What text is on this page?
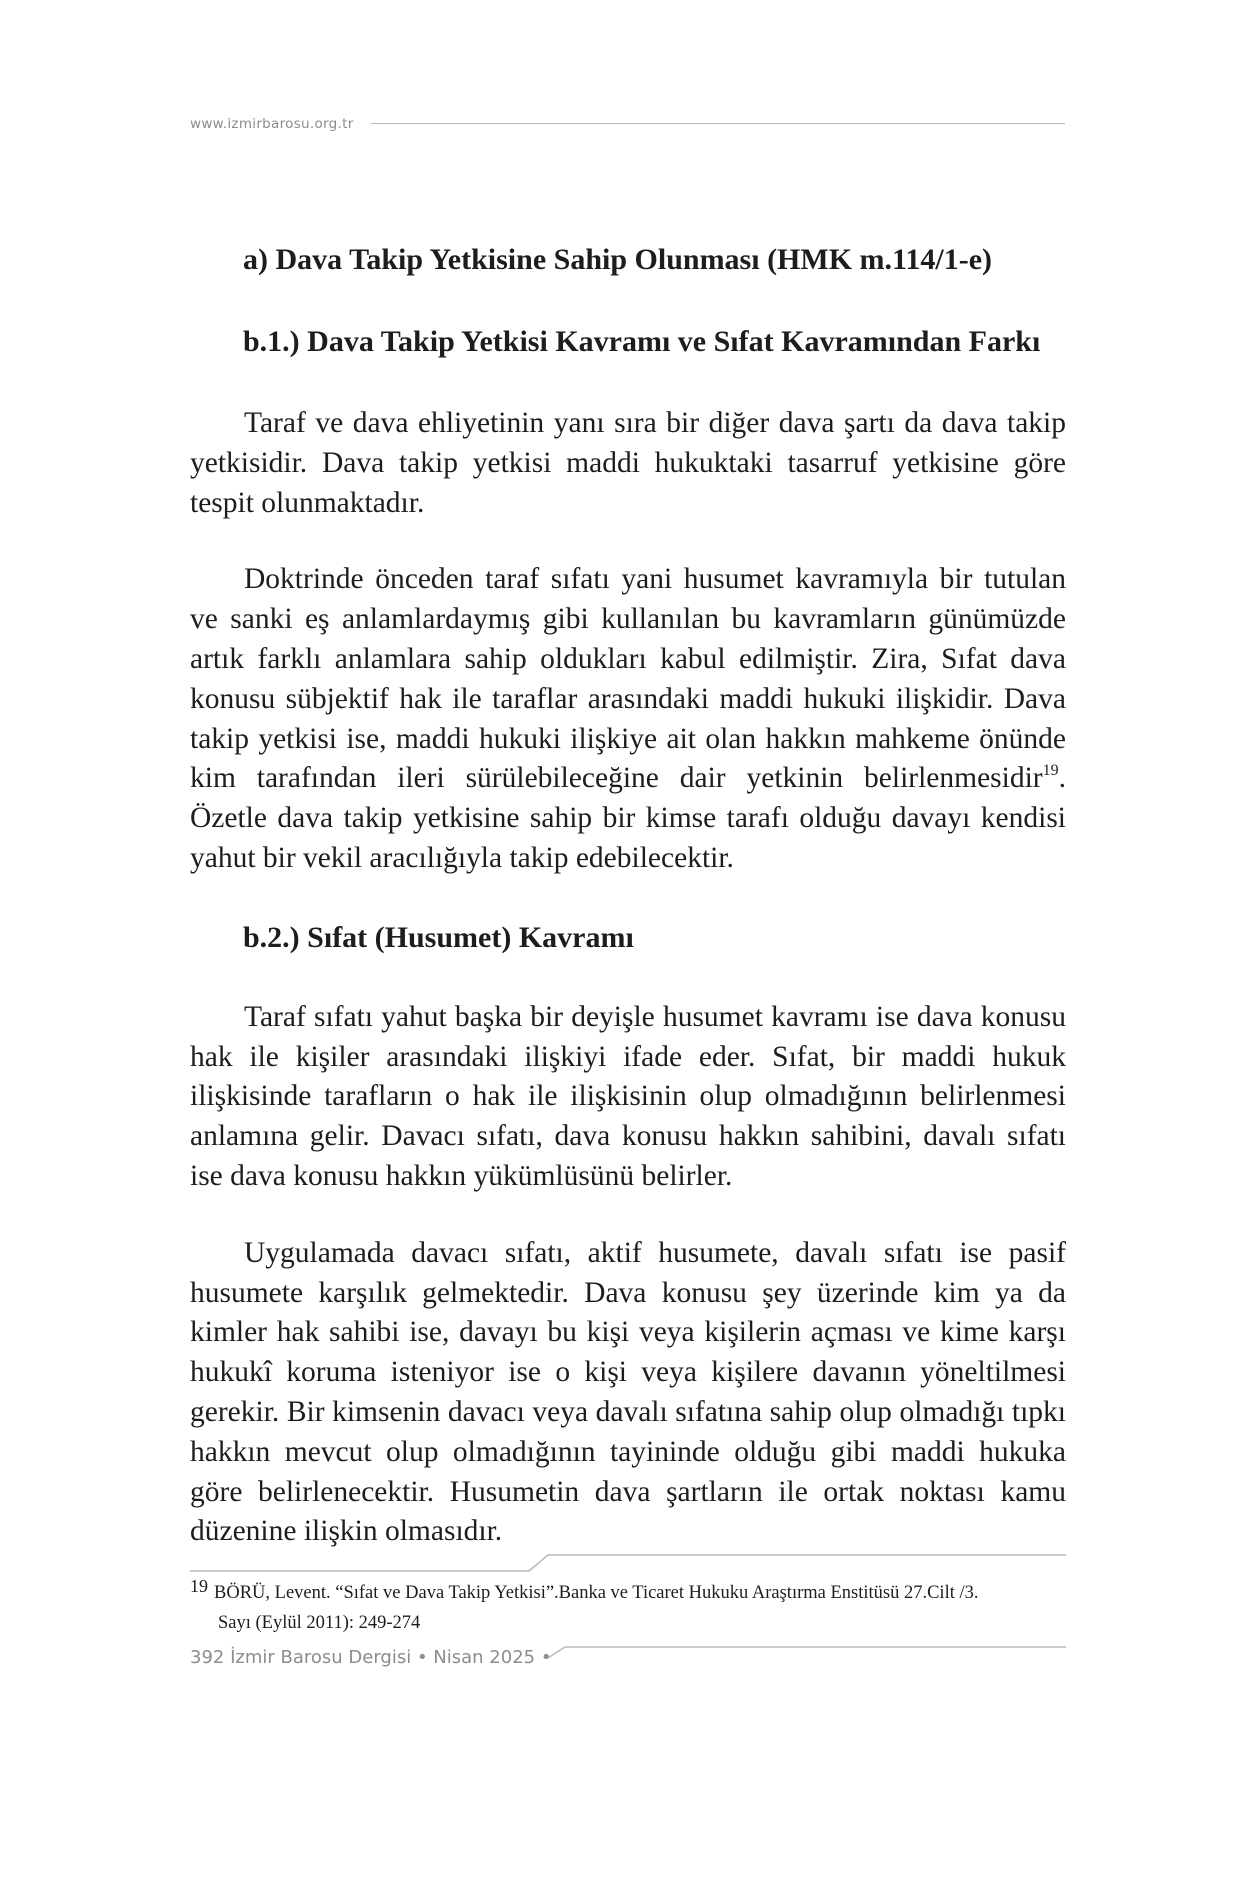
www.izmirbarosu.org.tr
a) Dava Takip Yetkisine Sahip Olunması (HMK m.114/1-e)
b.1.) Dava Takip Yetkisi Kavramı ve Sıfat Kavramından Farkı

Taraf ve dava ehliyetinin yanı sıra bir diğer dava şartı da dava takip yetkisidir. Dava takip yetkisi maddi hukuktaki tasarruf yetkisine göre tespit olunmaktadır.

Doktrinde önceden taraf sıfatı yani husumet kavramıyla bir tutulan ve sanki eş anlamlardaymış gibi kullanılan bu kavramların günümüzde artık farklı anlamlara sahip oldukları kabul edilmiştir. Zira, Sıfat dava konusu sübjektif hak ile taraflar arasındaki maddi hukuki ilişkidir. Dava takip yetkisi ise, maddi hukuki ilişkiye ait olan hakkın mahkeme önünde kim tarafından ileri sürülebileceğine dair yetkinin belirlenmesidir$^{19}$. Özetle dava takip yetkisine sahip bir kimse tarafı olduğu davayı kendisi yahut bir vekil aracılığıyla takip edebilecektir.

b.2.) Sıfat (Husumet) Kavramı

Taraf sıfatı yahut başka bir deyişle husumet kavramı ise dava konusu hak ile kişiler arasındaki ilişkiyi ifade eder. Sıfat, bir maddi hukuk ilişkisinde tarafların o hak ile ilişkisinin olup olmadığının belirlenmesi anlamına gelir. Davacı sıfatı, dava konusu hakkın sahibini, davalı sıfatı ise dava konusu hakkın yükümlüsünü belirler.

Uygulamada davacı sıfatı, aktif husumete, davalı sıfatı ise pasif husumete karşılık gelmektedir. Dava konusu şey üzerinde kim ya da kimler hak sahibi ise, davayı bu kişi veya kişilerin açması ve kime karşı hukukî koruma isteniyor ise o kişi veya kişilere davanın yöneltilmesi gerekir. Bir kimsenin davacı veya davalı sıfatına sahip olup olmadığı tıpkı hakkın mevcut olup olmadığının tayininde olduğu gibi maddi hukuka göre belirlenecektir. Husumetin dava şartların ile ortak noktası kamu düzenine ilişkin olmasıdır.

19 BÖRÜ, Levent. “Sıfat ve Dava Takip Yetkisi”.Banka ve Ticaret Hukuku Araştırma Enstitüsü 27.Cilt /3.
Sayı (Eylül 2011): 249-274
392 İzmir Barosu Dergisi • Nisan 2025 •
